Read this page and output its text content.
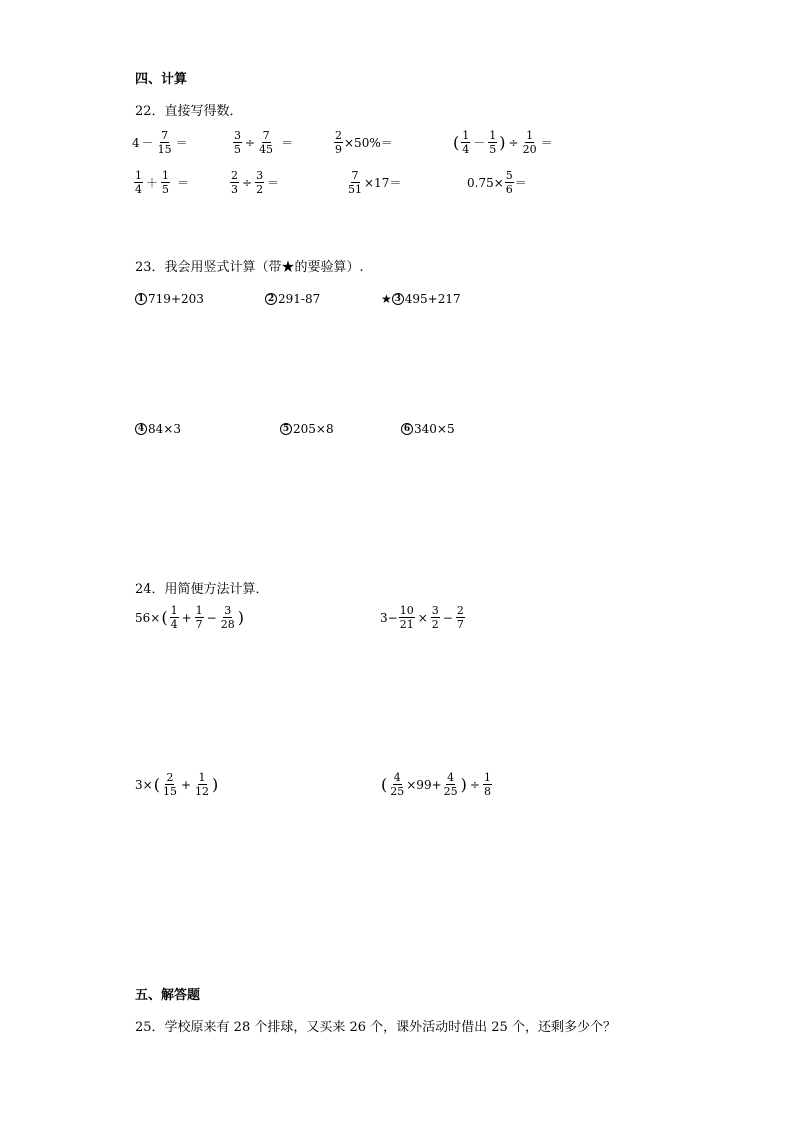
四、计算
22．直接写得数．
$4 - \frac{7}{15}$ ＝	$\frac{3}{5} \div \frac{7}{45}$ ＝	$\frac{2}{9} \times 50\%=$	( $\frac{1}{4} - \frac{1}{5}$ ) ÷ $\frac{1}{20}$ ＝
$\frac{1}{4} + \frac{1}{5}$ ＝	$\frac{2}{3} \div \frac{3}{2}$ ＝	$\frac{7}{51} \times 17=$	$0.75\times \frac{5}{6}$ ＝
23．我会用竖式计算（带★的要验算）.
1 719+203	2 291-87	★ 3 495+217
4 84×3	5 205×8	6 340×5
24．用简便方法计算．
56× ( $\frac{1}{4} + \frac{1}{7} - \frac{3}{28}$ )	$3- \frac{10}{21} \times \frac{3}{2} - \frac{2}{7}$
3× ( $\frac{2}{15} + \frac{1}{12}$ )	( $\frac{4}{25} \times 99+ \frac{4}{25}$ ) ÷ $\frac{1}{8}$
五、解答题
25．学校原来有 28 个排球，又买来 26 个，课外活动时借出 25 个，还剩多少个？
